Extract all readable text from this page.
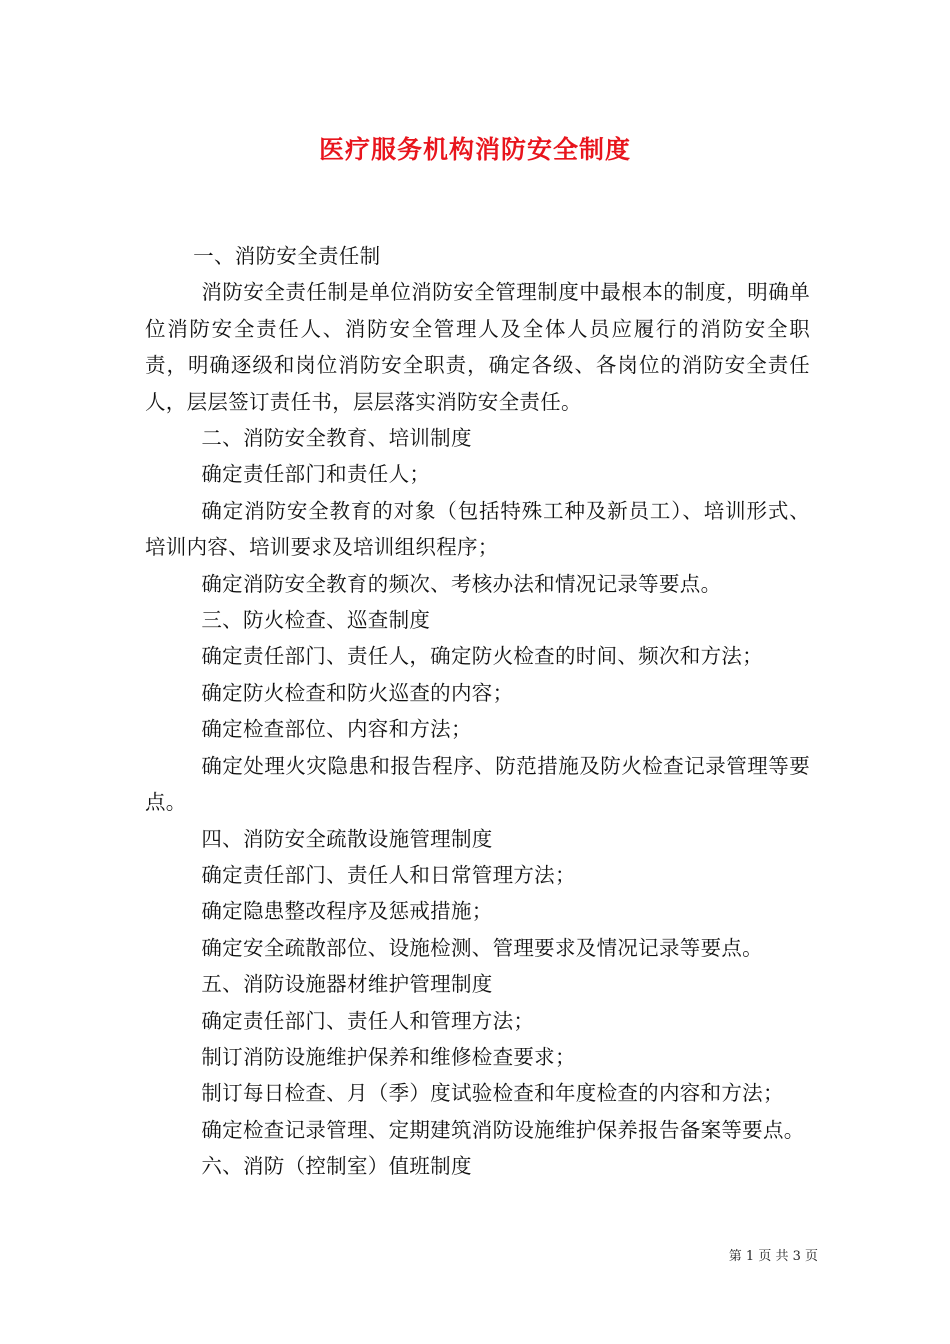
医疗服务机构消防安全制度

一、消防安全责任制

消防安全责任制是单位消防安全管理制度中最根本的制度，明确单位消防安全责任人、消防安全管理人及全体人员应履行的消防安全职责，明确逐级和岗位消防安全职责，确定各级、各岗位的消防安全责任人，层层签订责任书，层层落实消防安全责任。

二、消防安全教育、培训制度

确定责任部门和责任人；

确定消防安全教育的对象（包括特殊工种及新员工）、培训形式、培训内容、培训要求及培训组织程序；

确定消防安全教育的频次、考核办法和情况记录等要点。

三、防火检查、巡查制度

确定责任部门、责任人，确定防火检查的时间、频次和方法；

确定防火检查和防火巡查的内容；

确定检查部位、内容和方法；

确定处理火灾隐患和报告程序、防范措施及防火检查记录管理等要点。

四、消防安全疏散设施管理制度

确定责任部门、责任人和日常管理方法；

确定隐患整改程序及惩戒措施；

确定安全疏散部位、设施检测、管理要求及情况记录等要点。

五、消防设施器材维护管理制度

确定责任部门、责任人和管理方法；

制订消防设施维护保养和维修检查要求；

制订每日检查、月（季）度试验检查和年度检查的内容和方法；

确定检查记录管理、定期建筑消防设施维护保养报告备案等要点。

六、消防（控制室）值班制度

第 1 页 共 3 页
